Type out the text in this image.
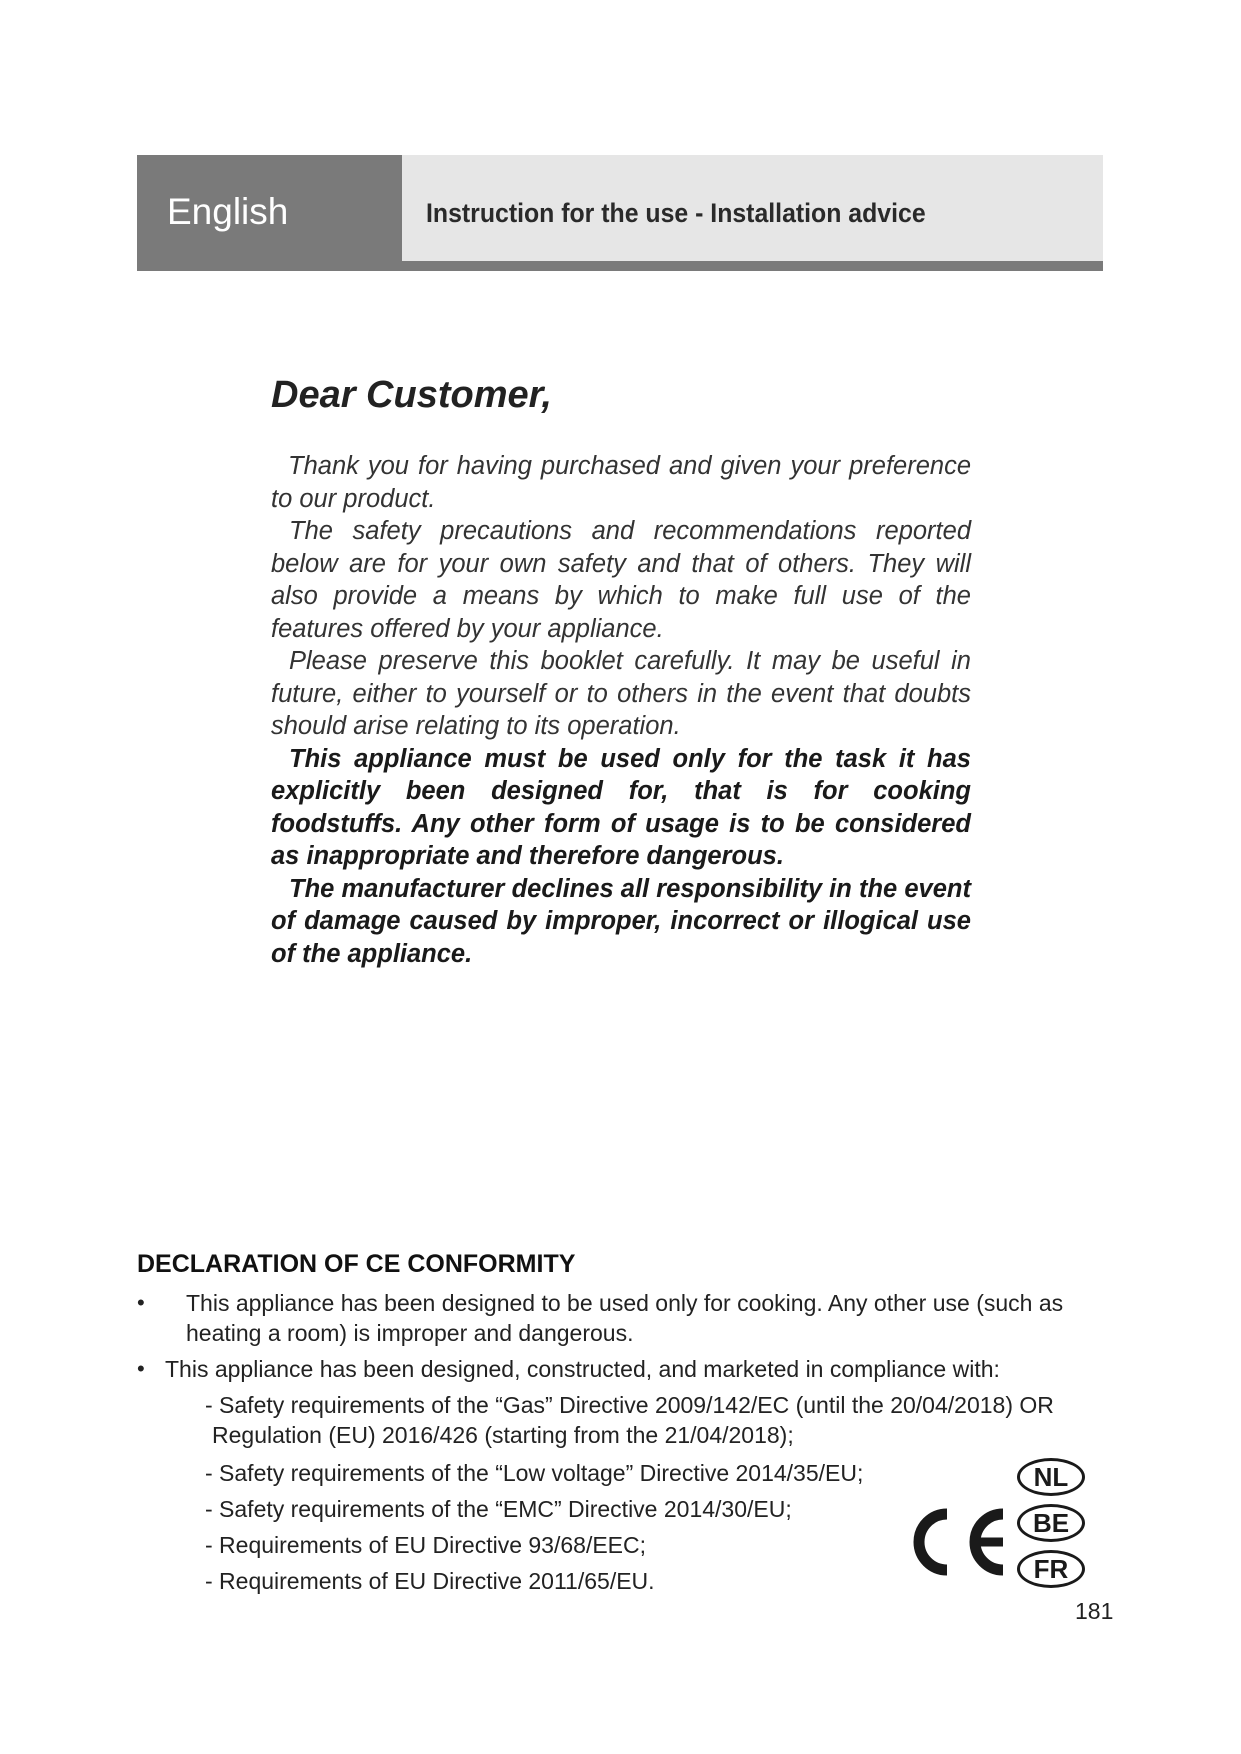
English	Instruction for the use - Installation advice
Dear Customer,

Thank you for having purchased and given your preference to our product.

The safety precautions and recommendations reported below are for your own safety and that of others. They will also provide a means by which to make full use of the features offered by your appliance.

Please preserve this booklet carefully. It may be useful in future, either to yourself or to others in the event that doubts should arise relating to its operation.

This appliance must be used only for the task it has explicitly been designed for, that is for cooking foodstuffs. Any other form of usage is to be considered as inappropriate and therefore dangerous.

The manufacturer declines all responsibility in the event of damage caused by improper, incorrect or illogical use of the appliance.

DECLARATION OF CE CONFORMITY
• This appliance has been designed to be used only for cooking. Any other use (such as heating a room) is improper and dangerous.
• This appliance has been designed, constructed, and marketed in compliance with:
- Safety requirements of the “Gas” Directive 2009/142/EC (until the 20/04/2018) OR
Regulation (EU) 2016/426 (starting from the 21/04/2018);
- Safety requirements of the “Low voltage” Directive 2014/35/EU;
- Safety requirements of the “EMC” Directive 2014/30/EU;
- Requirements of EU Directive 93/68/EEC;
- Requirements of EU Directive 2011/65/EU.
NL
BE
FR
181
